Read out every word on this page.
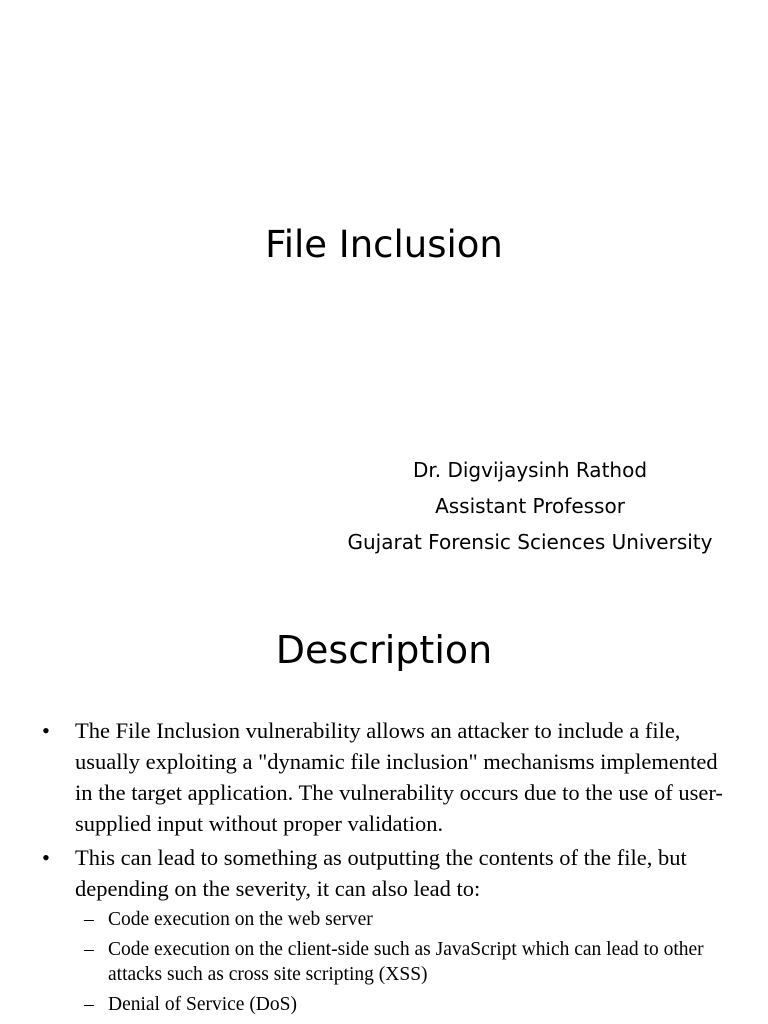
File Inclusion
Dr. Digvijaysinh Rathod
Assistant Professor
Gujarat Forensic Sciences University
Description
• The File Inclusion vulnerability allows an attacker to include a file, usually exploiting a "dynamic file inclusion" mechanisms implemented in the target application. The vulnerability occurs due to the use of user-supplied input without proper validation.
• This can lead to something as outputting the contents of the file, but depending on the severity, it can also lead to:
– Code execution on the web server
– Code execution on the client-side such as JavaScript which can lead to other attacks such as cross site scripting (XSS)
– Denial of Service (DoS)
